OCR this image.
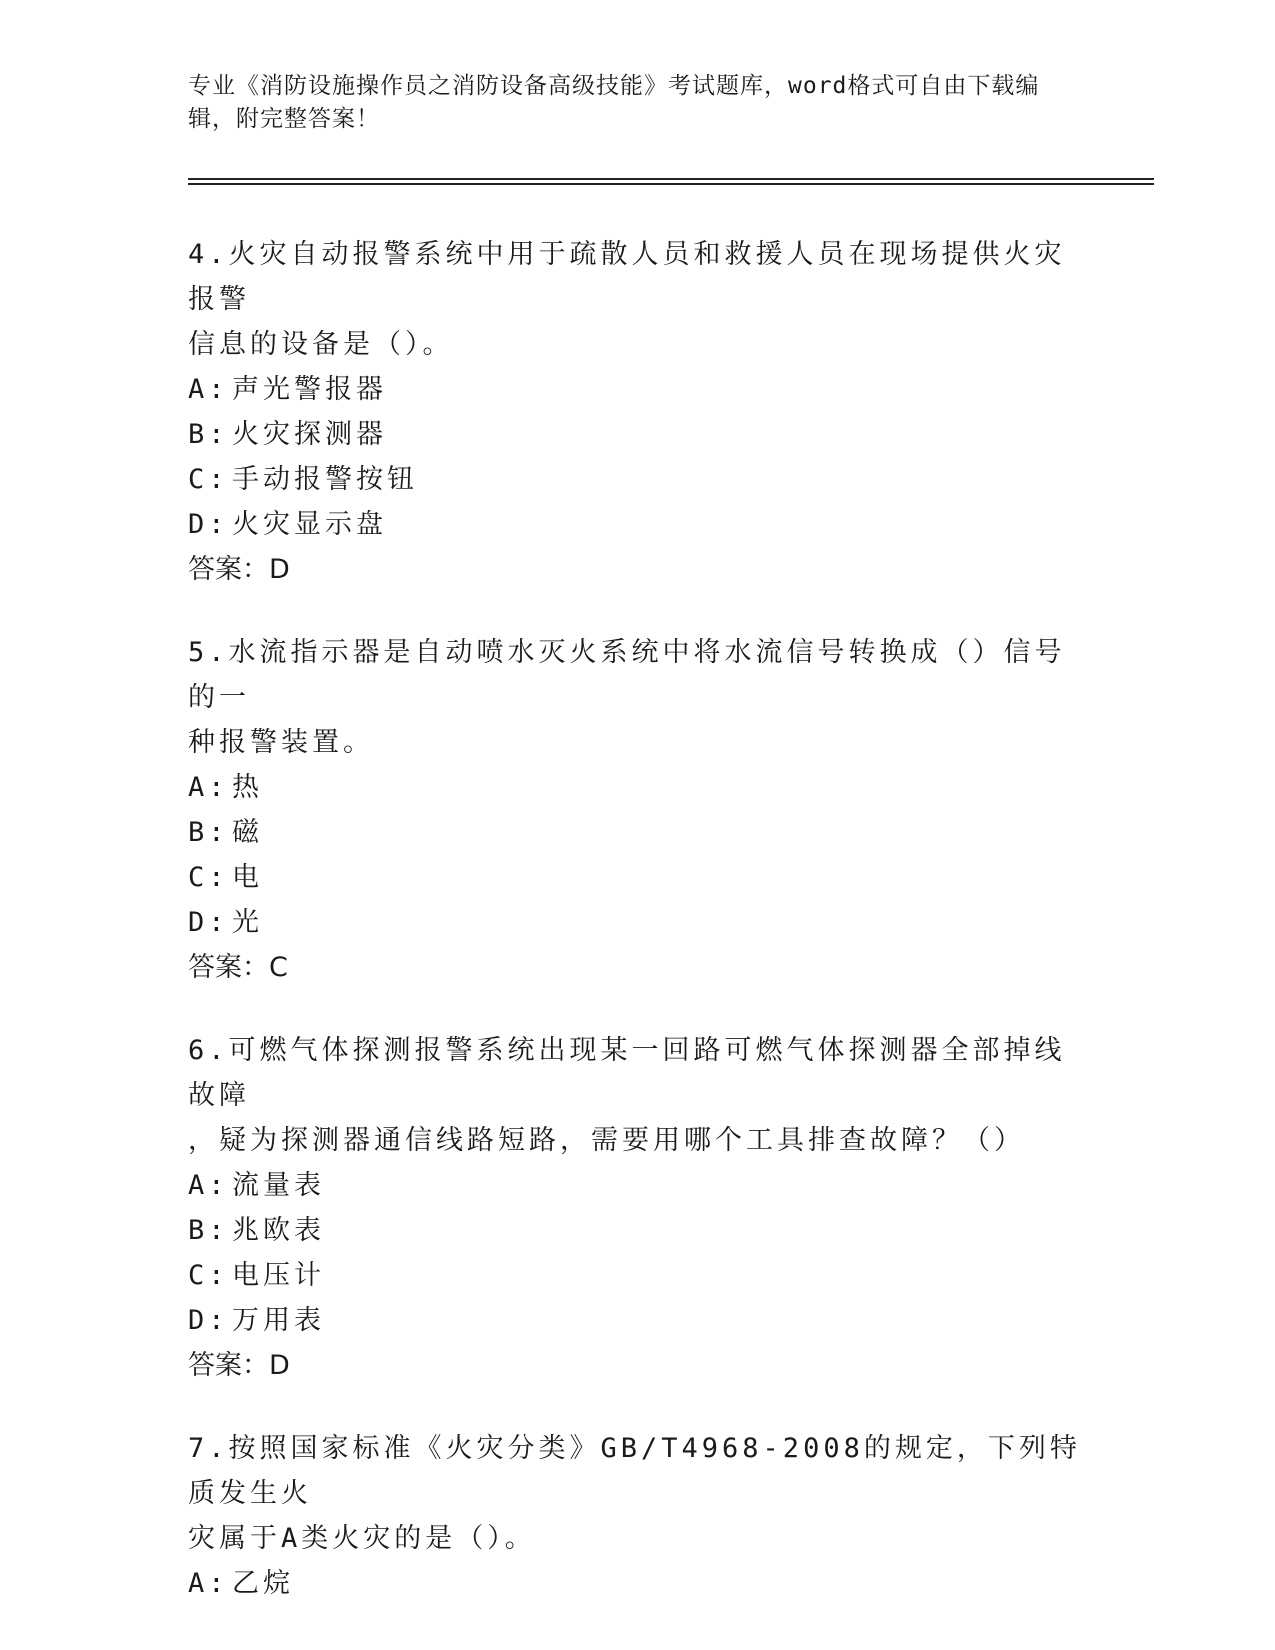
专业《消防设施操作员之消防设备高级技能》考试题库，word格式可自由下载编
辑，附完整答案！

4.火灾自动报警系统中用于疏散人员和救援人员在现场提供火灾报警
信息的设备是（）。

A: 声光警报器

B: 火灾探测器

C: 手动报警按钮

D: 火灾显示盘

答案：D

5.水流指示器是自动喷水灭火系统中将水流信号转换成（）信号的一
种报警装置。

A: 热

B: 磁

C: 电

D: 光

答案：C

6.可燃气体探测报警系统出现某一回路可燃气体探测器全部掉线故障
，疑为探测器通信线路短路，需要用哪个工具排查故障？（）

A: 流量表

B: 兆欧表

C: 电压计

D: 万用表

答案：D

7.按照国家标准《火灾分类》GB/T4968-2008的规定，下列特质发生火
灾属于A类火灾的是（）。

A: 乙烷
